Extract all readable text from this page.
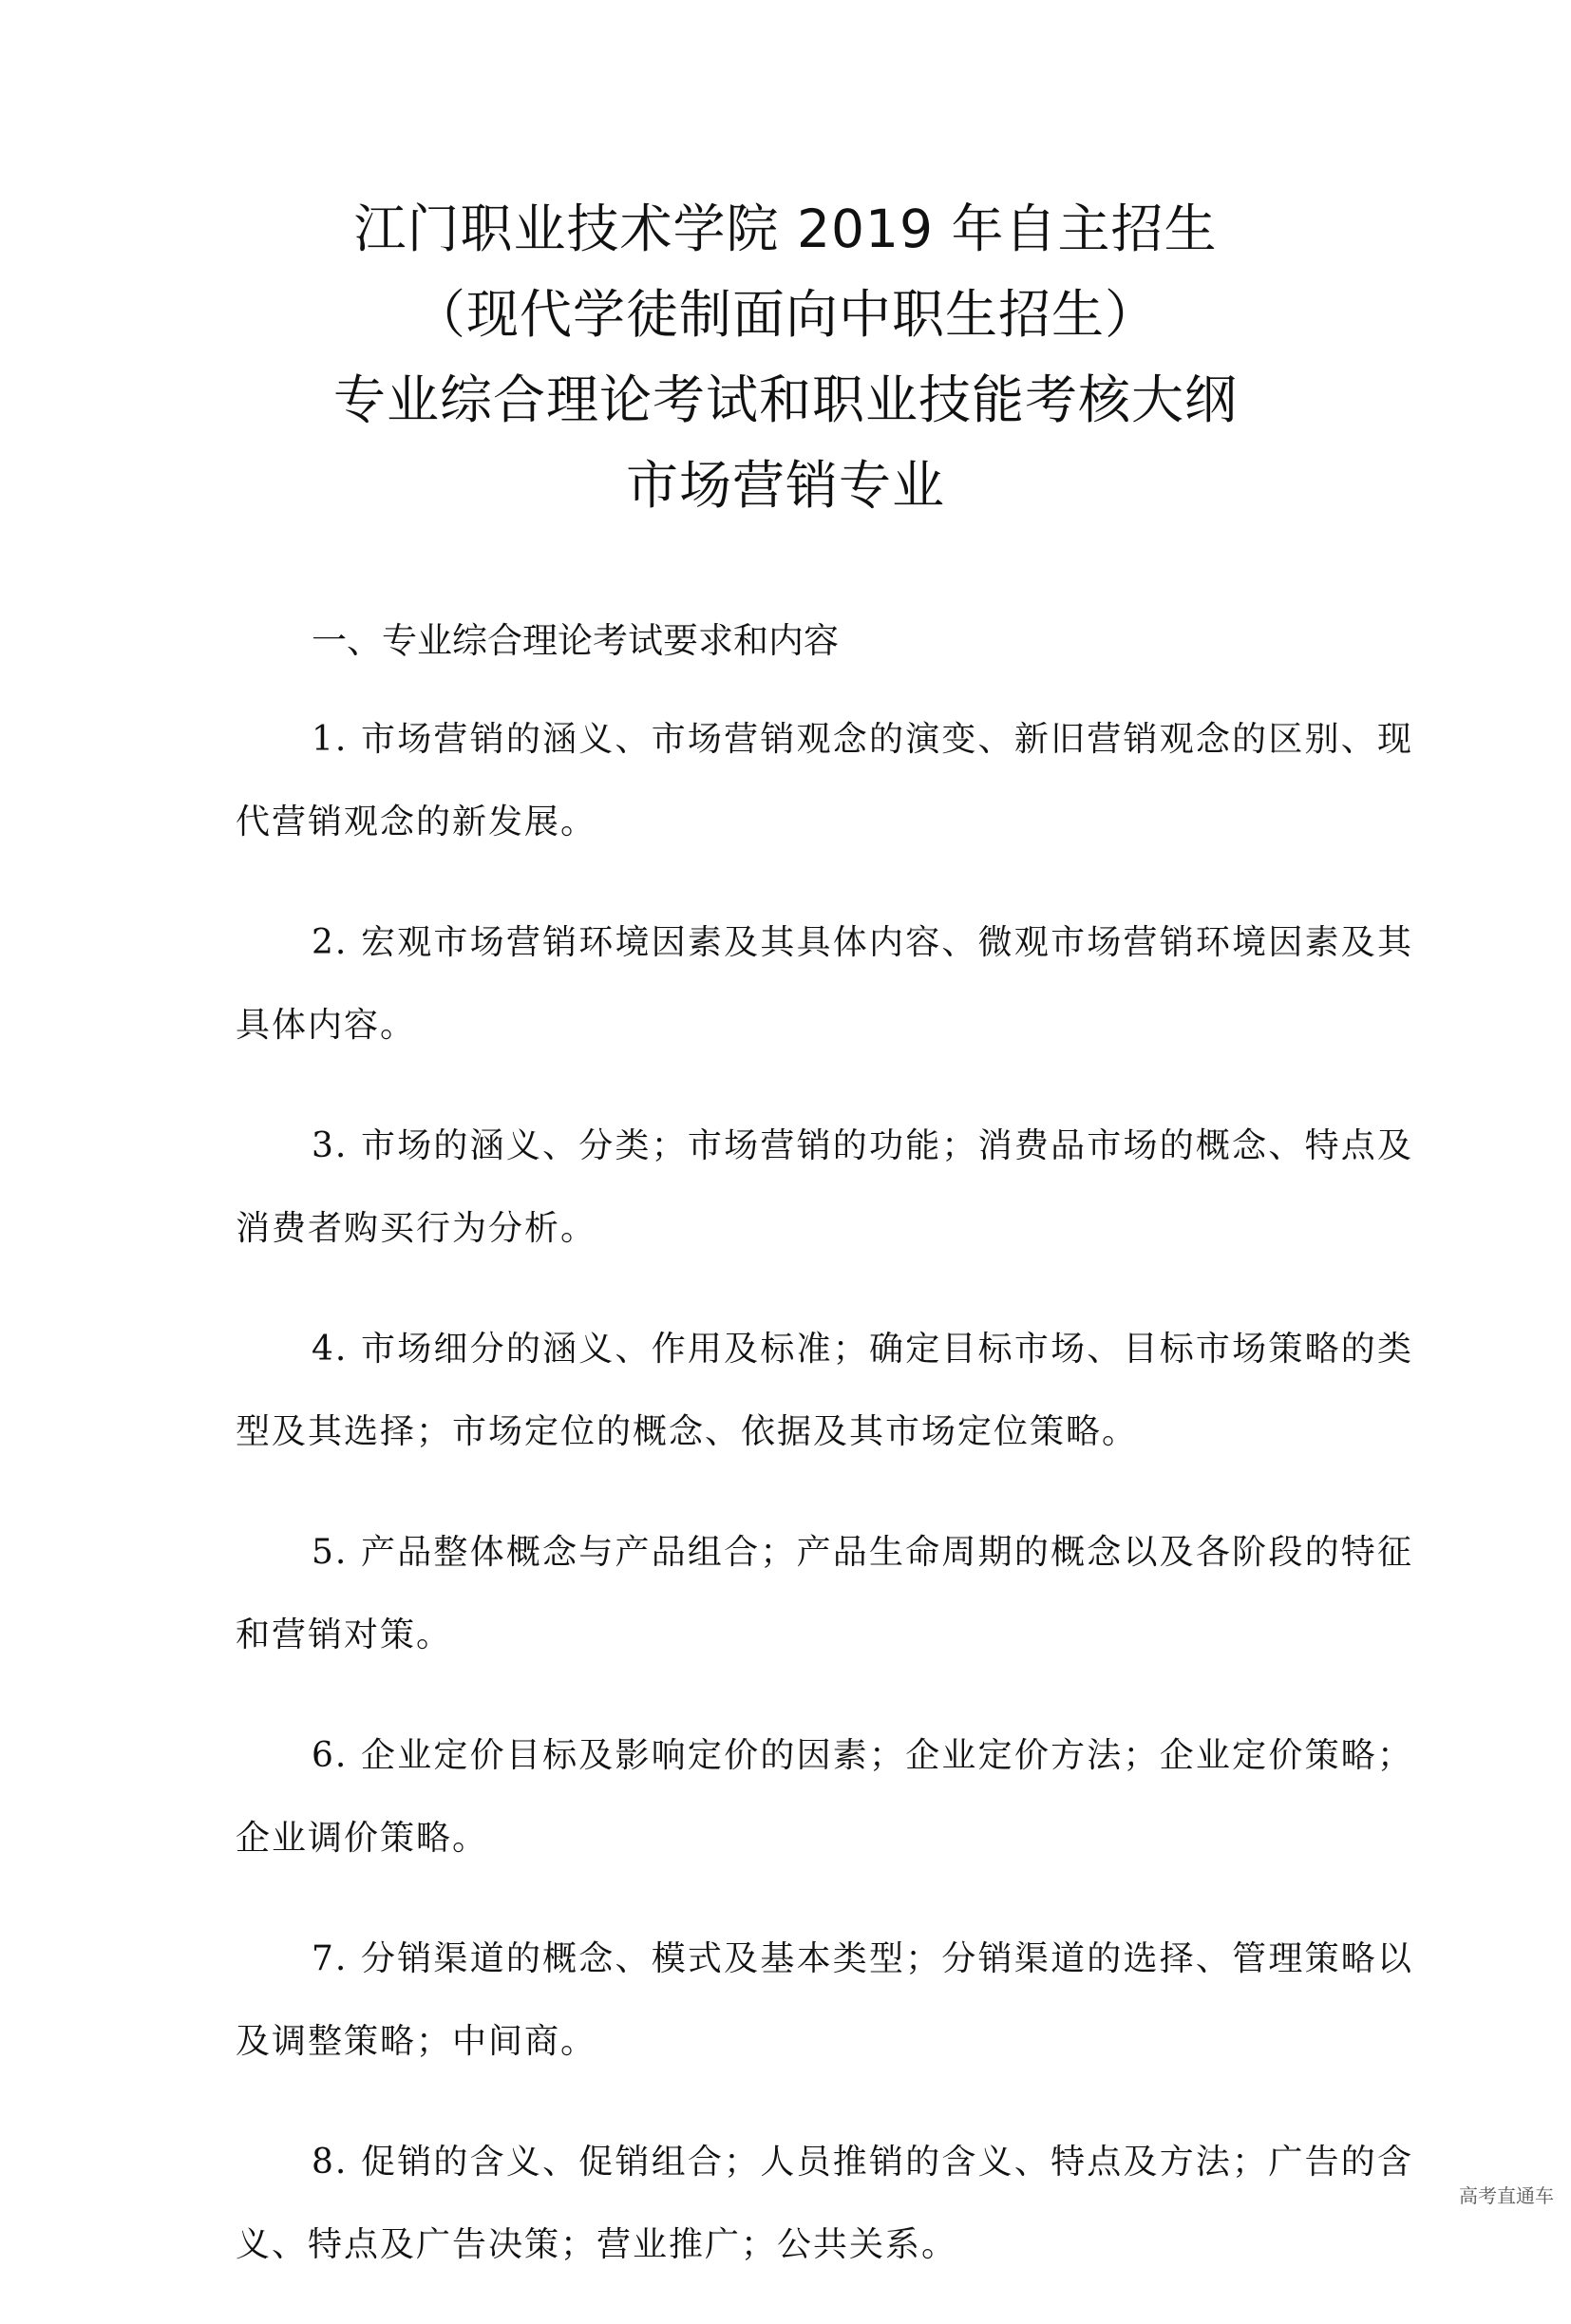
江门职业技术学院 2019 年自主招生

（现代学徒制面向中职生招生）

专业综合理论考试和职业技能考核大纲

市场营销专业

一、专业综合理论考试要求和内容

1. 市场营销的涵义、市场营销观念的演变、新旧营销观念的区别、现代营销观念的新发展。

2. 宏观市场营销环境因素及其具体内容、微观市场营销环境因素及其具体内容。

3. 市场的涵义、分类；市场营销的功能；消费品市场的概念、特点及消费者购买行为分析。

4. 市场细分的涵义、作用及标准；确定目标市场、目标市场策略的类型及其选择；市场定位的概念、依据及其市场定位策略。

5. 产品整体概念与产品组合；产品生命周期的概念以及各阶段的特征和营销对策。

6. 企业定价目标及影响定价的因素；企业定价方法；企业定价策略；企业调价策略。

7. 分销渠道的概念、模式及基本类型；分销渠道的选择、管理策略以及调整策略；中间商。

8. 促销的含义、促销组合；人员推销的含义、特点及方法；广告的含义、特点及广告决策；营业推广；公共关系。

高考直通车
